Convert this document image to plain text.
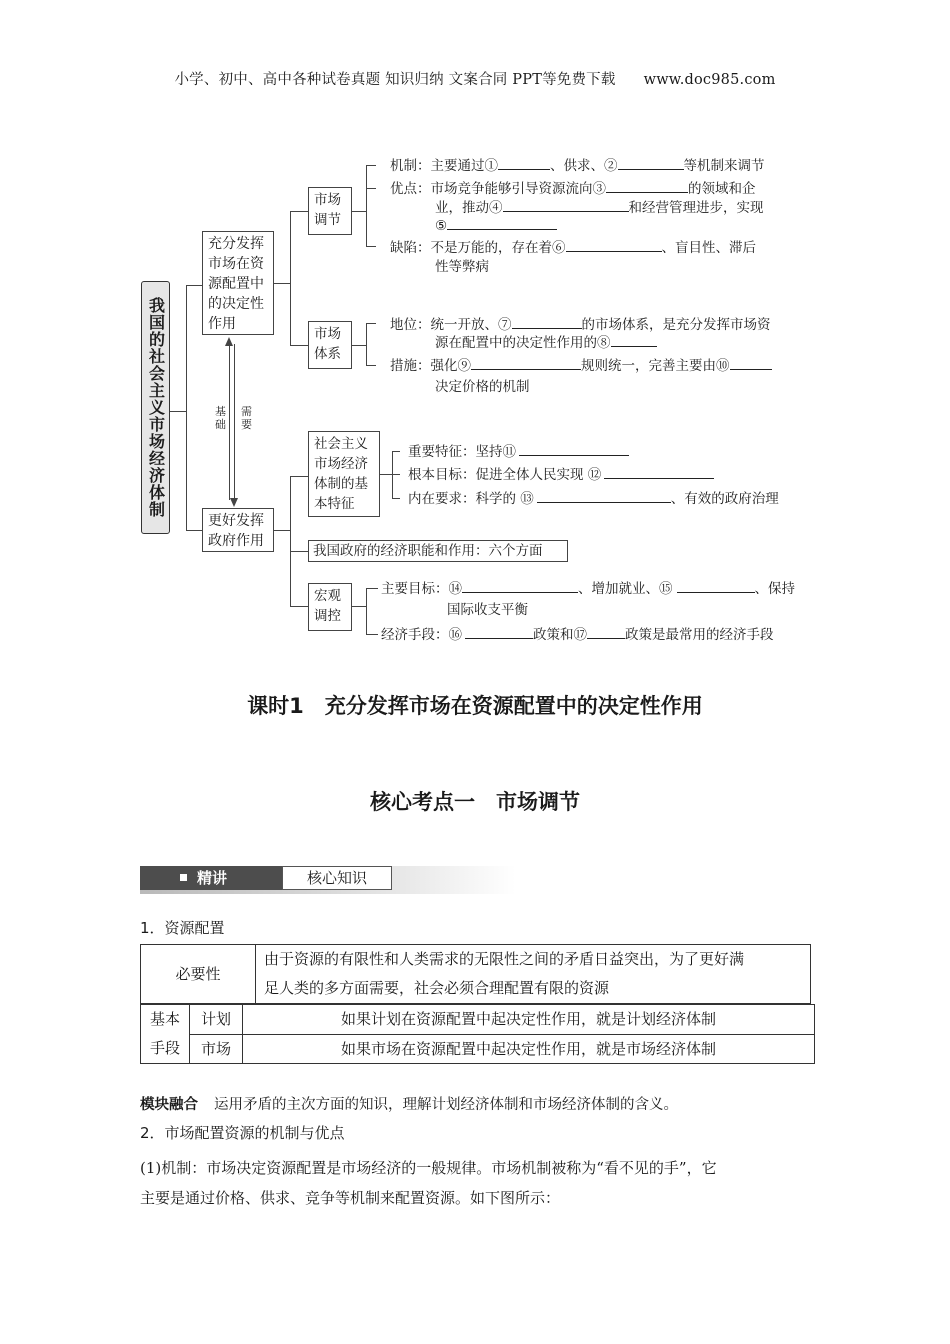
小学、初中、高中各种试卷真题 知识归纳 文案合同 PPT等免费下载 www.doc985.com
我国的社会主义市场经济体制
充分发挥市场在资源配置中的决定性作用
更好发挥政府作用
基础
需要
市场调节
机制：主要通过①	、供求、②	等机制来调节
优点：市场竞争能够引导资源流向③	的领域和企
业，推动④	和经营管理进步，实现
⑤
缺陷：不是万能的，存在着⑥	、盲目性、滞后
性等弊病
市场体系
地位：统一开放、⑦	的市场体系，是充分发挥市场资
源在配置中的决定性作用的⑧
措施：强化⑨	规则统一，完善主要由⑩
决定价格的机制
社会主义市场经济体制的基本特征
重要特征：坚持⑪
根本目标：促进全体人民实现 ⑫
内在要求：科学的 ⑬	、有效的政府治理
我国政府的经济职能和作用：六个方面
宏观调控
主要目标：⑭	、增加就业、⑮	、保持
国际收支平衡
经济手段：⑯	政策和⑰	政策是最常用的经济手段
课时1　充分发挥市场在资源配置中的决定性作用
核心考点一　市场调节
精讲	核心知识
1．资源配置
必要性	
由于资源的有限性和人类需求的无限性之间的矛盾日益突出，为了更好满
足人类的多方面需要，社会必须合理配置有限的资源
基本
手段	计划	如果计划在资源配置中起决定性作用，就是计划经济体制
	市场	如果市场在资源配置中起决定性作用，就是市场经济体制
模块融合 运用矛盾的主次方面的知识，理解计划经济体制和市场经济体制的含义。
2．市场配置资源的机制与优点
(1)机制：市场决定资源配置是市场经济的一般规律。市场机制被称为“看不见的手”，它
主要是通过价格、供求、竞争等机制来配置资源。如下图所示：
